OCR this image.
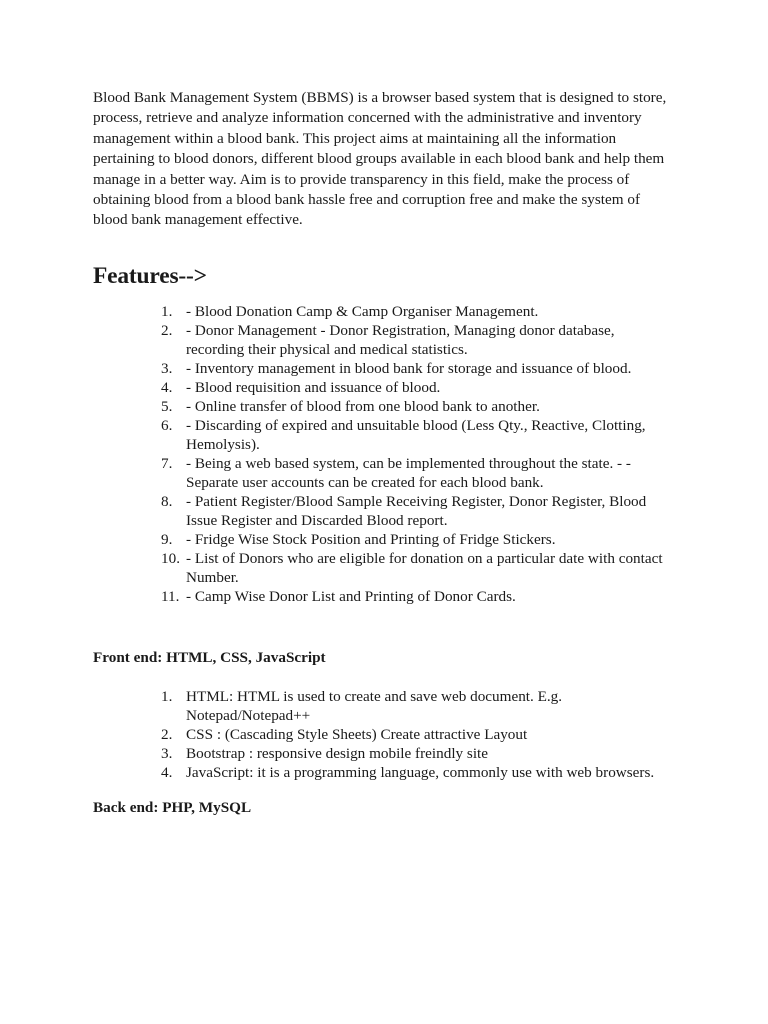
Blood Bank Management System (BBMS) is a browser based system that is designed to store, process, retrieve and analyze information concerned with the administrative and inventory management within a blood bank. This project aims at maintaining all the information pertaining to blood donors, different blood groups available in each blood bank and help them manage in a better way. Aim is to provide transparency in this field, make the process of obtaining blood from a blood bank hassle free and corruption free and make the system of blood bank management effective.

Features-->
1. - Blood Donation Camp & Camp Organiser Management.
2. - Donor Management - Donor Registration, Managing donor database, recording their physical and medical statistics.
3. - Inventory management in blood bank for storage and issuance of blood.
4. - Blood requisition and issuance of blood.
5. - Online transfer of blood from one blood bank to another.
6. - Discarding of expired and unsuitable blood (Less Qty., Reactive, Clotting, Hemolysis).
7. - Being a web based system, can be implemented throughout the state. - - Separate user accounts can be created for each blood bank.
8. - Patient Register/Blood Sample Receiving Register, Donor Register, Blood Issue Register and Discarded Blood report.
9. - Fridge Wise Stock Position and Printing of Fridge Stickers.
10. - List of Donors who are eligible for donation on a particular date with contact Number.
11. - Camp Wise Donor List and Printing of Donor Cards.

Front end: HTML, CSS, JavaScript

1. HTML: HTML is used to create and save web document. E.g. Notepad/Notepad++
2. CSS : (Cascading Style Sheets) Create attractive Layout
3. Bootstrap : responsive design mobile freindly site
4. JavaScript: it is a programming language, commonly use with web browsers.

Back end: PHP, MySQL
